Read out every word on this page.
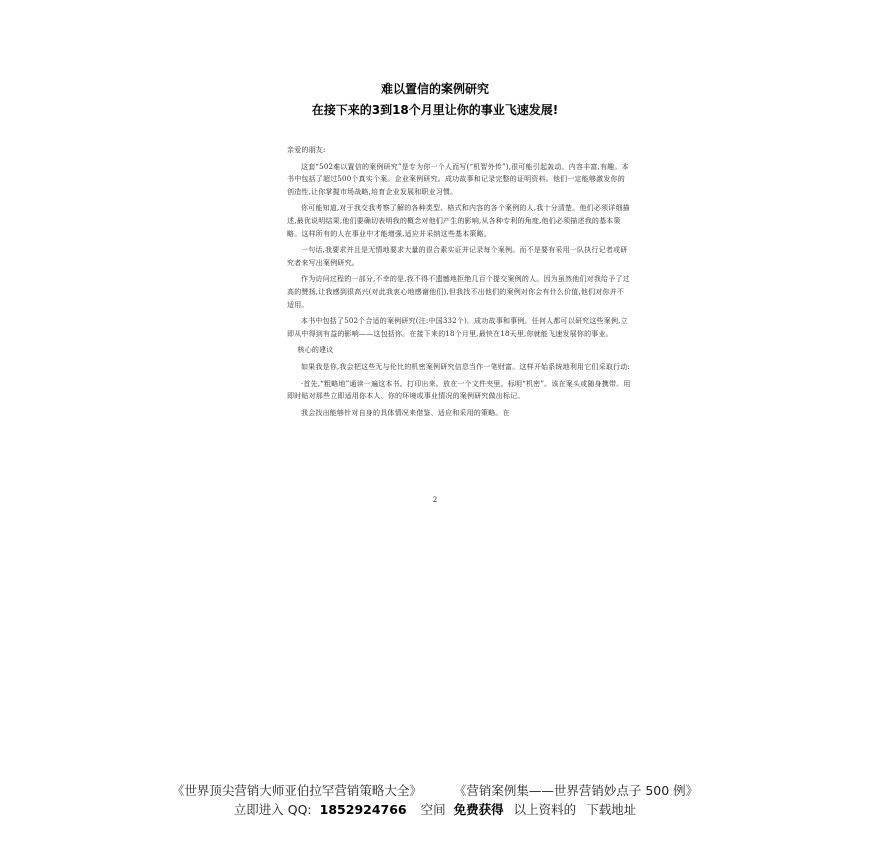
难以置信的案例研究
在接下来的3到18个月里让你的事业飞速发展!

亲爱的朋友:

这套“502难以置信的案例研究”是专为你一个人而写(“机智外传”),很可能引起轰动。内容丰富,有趣。本书中包括了超过500个真实个案。企业案例研究。成功故事和记录完整的证明资料。他们一定能够激发你的创造性,让你掌握市场战略,培育企业发展和职业习惯。

你可能知道,对于我交我考察了解的各种类型、格式和内容的各个案例的人,我十分清楚。他们必须详细描述,最优说明结果,他们要确切表明我的概念对他们产生的影响,从各种专利的角度,他们必须描述我的基本策略。这样所有的人在事业中才能增强,适应并采纳这些基本策略。

一句话,我要求并且是无情地要求大量的很合素实证并记录每个案例。而不是要有采用一队执行记者或研究者来写出案例研究。

作为访问过程的一部分,不幸的是,我不得不遗憾地拒绝几百个提交案例的人。因为虽然他们对我给予了过高的赞扬,让我感到很高兴(对此我衷心地感谢他们),但我找不出他们的案例对你会有什么价值,他们对你并不适用。

本书中包括了502个合适的案例研究(注:中国332个)。成功故事和事例。任何人都可以研究这些案例,立即从中得到有益的影响——这包括你。在接下来的18个月里,最快在18天里,你就能飞速发展你的事业。

核心的建议

如果我是你,我会把这些无与伦比的机密案例研究信息当作一笔财富。这样开始系统地利用它们采取行动:

·首先,“粗略地”通读一遍这本书。打印出来。放在一个文件夹里。标明“机密”。该在案头或随身携带。用即时贴对那些立即适用你本人、你的环境或事业情况的案例研究做出标记。

我会找出能够针对自身的具体情况来借鉴、适应和采用的策略。在

2
《世界顶尖营销大师亚伯拉罕营销策略大全》	《营销案例集——世界营销妙点子 500 例》
立即进入 QQ: 1852924766 空间 免费获得 以上资料的 下载地址
